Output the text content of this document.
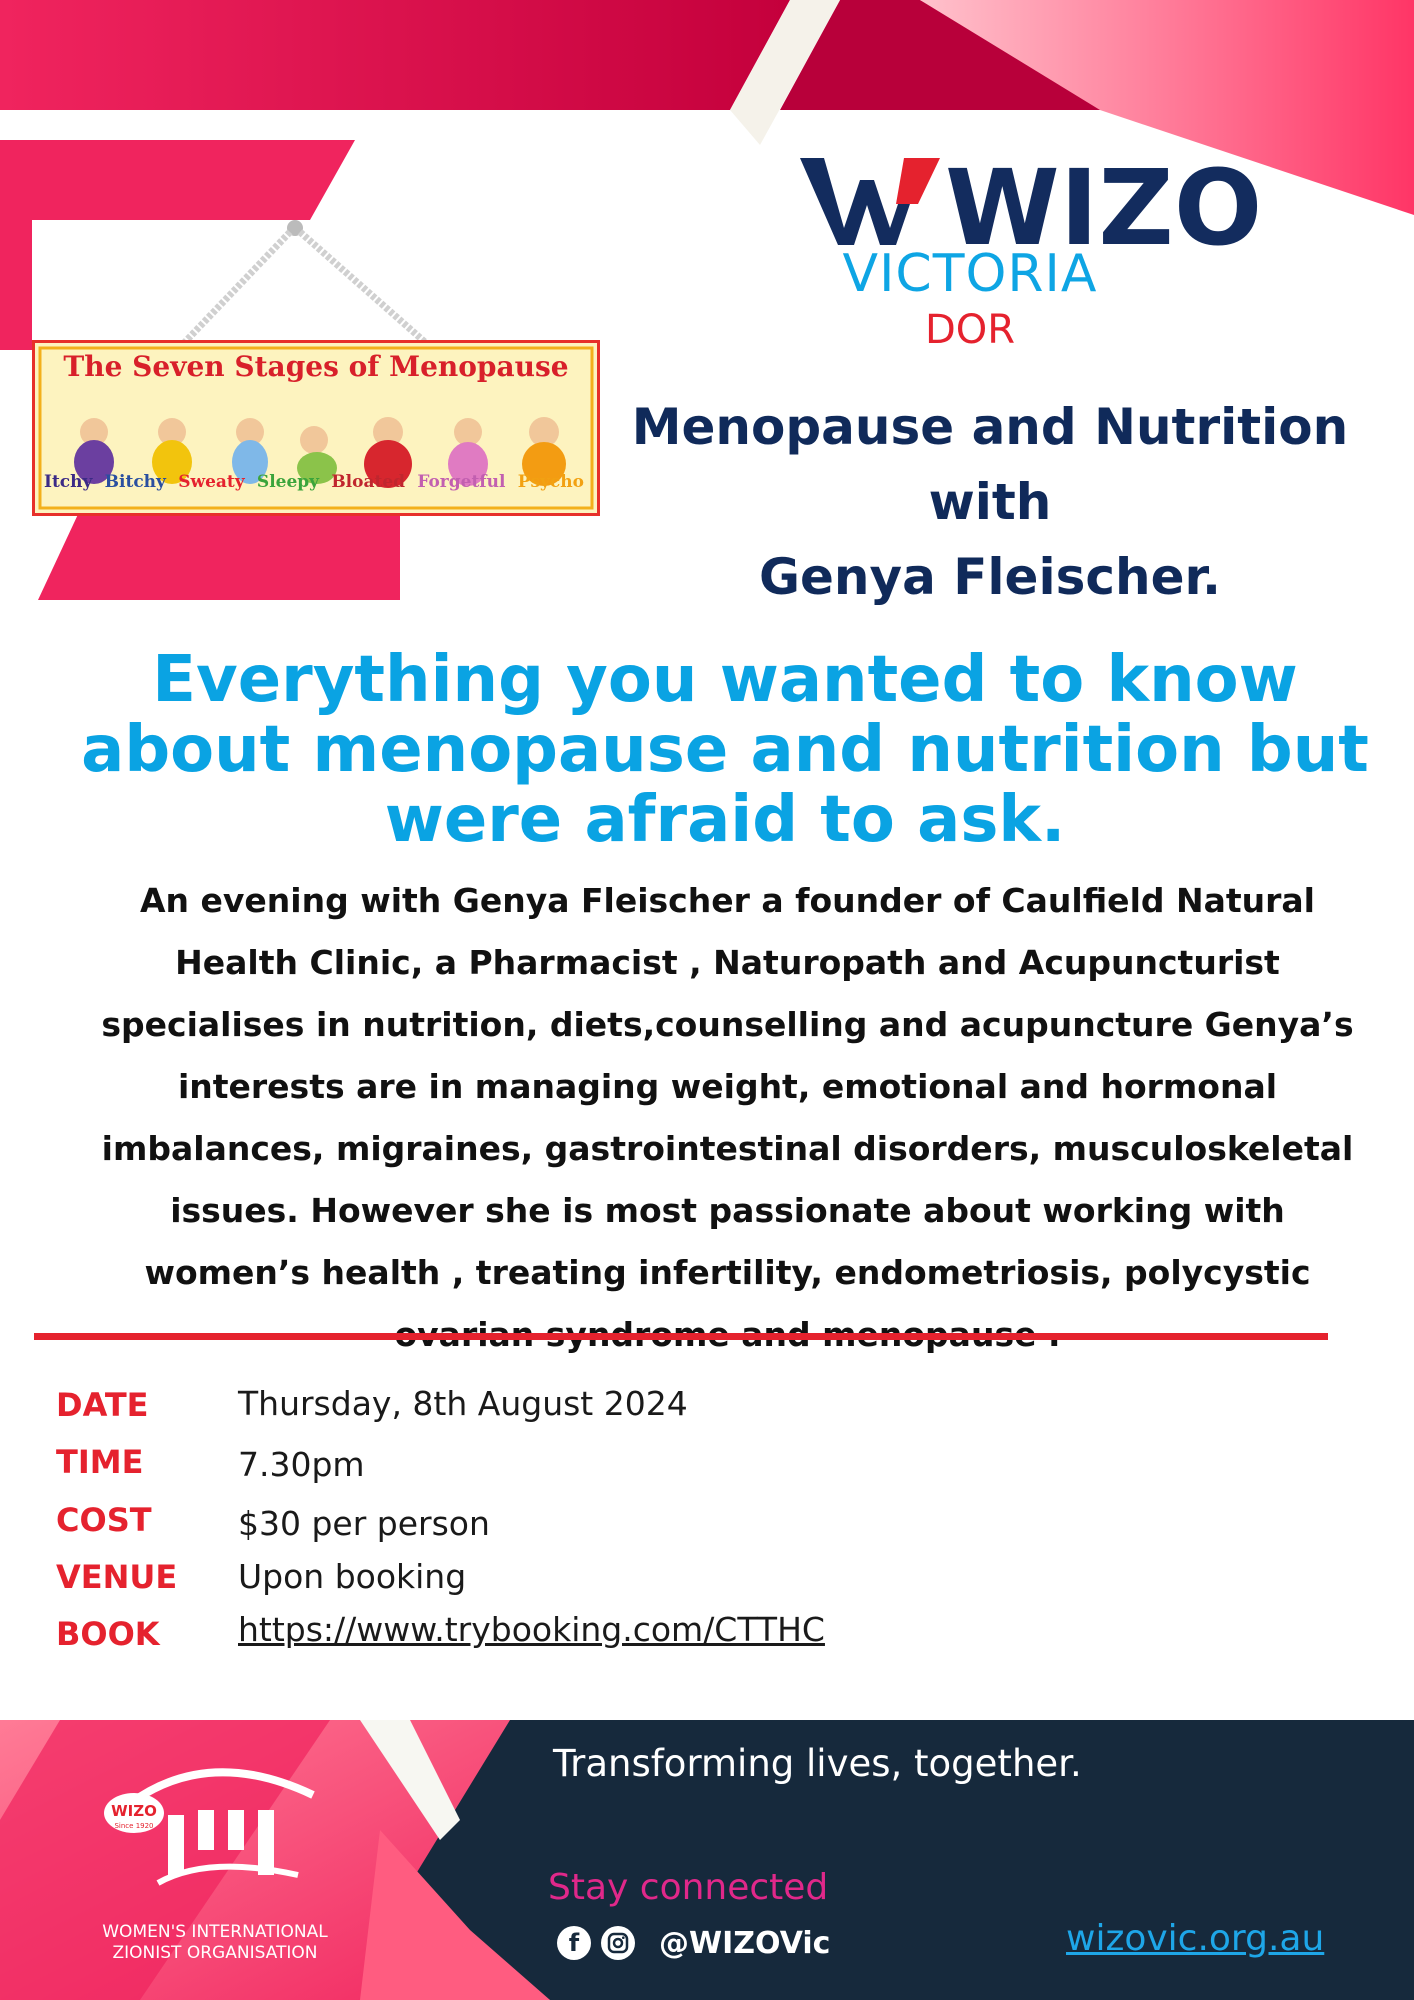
The Seven Stages of Menopause
Itchy Bitchy Sweaty Sleepy Bloated Forgetful Psycho
WIZO
VICTORIA
DOR
Menopause and Nutrition
with
Genya Fleischer.
Everything you wanted to know about menopause and nutrition but were afraid to ask.
An evening with Genya Fleischer a founder of Caulfield Natural Health Clinic, a Pharmacist , Naturopath and Acupuncturist specialises in nutrition, diets,counselling and acupuncture Genya’s interests are in managing weight, emotional and hormonal imbalances, migraines, gastrointestinal disorders, musculoskeletal issues. However she is most passionate about working with women’s health , treating infertility, endometriosis, polycystic
DATE	Thursday, 8th August 2024
TIME	7.30pm
COST	$30 per person
VENUE	Upon booking
BOOK	https://www.trybooking.com/CTTHC
WIZO
Since 1920
WOMEN'S INTERNATIONAL
ZIONIST ORGANISATION
Transforming lives, together.
Stay connected
f	@WIZOVic	wizovic.org.au
